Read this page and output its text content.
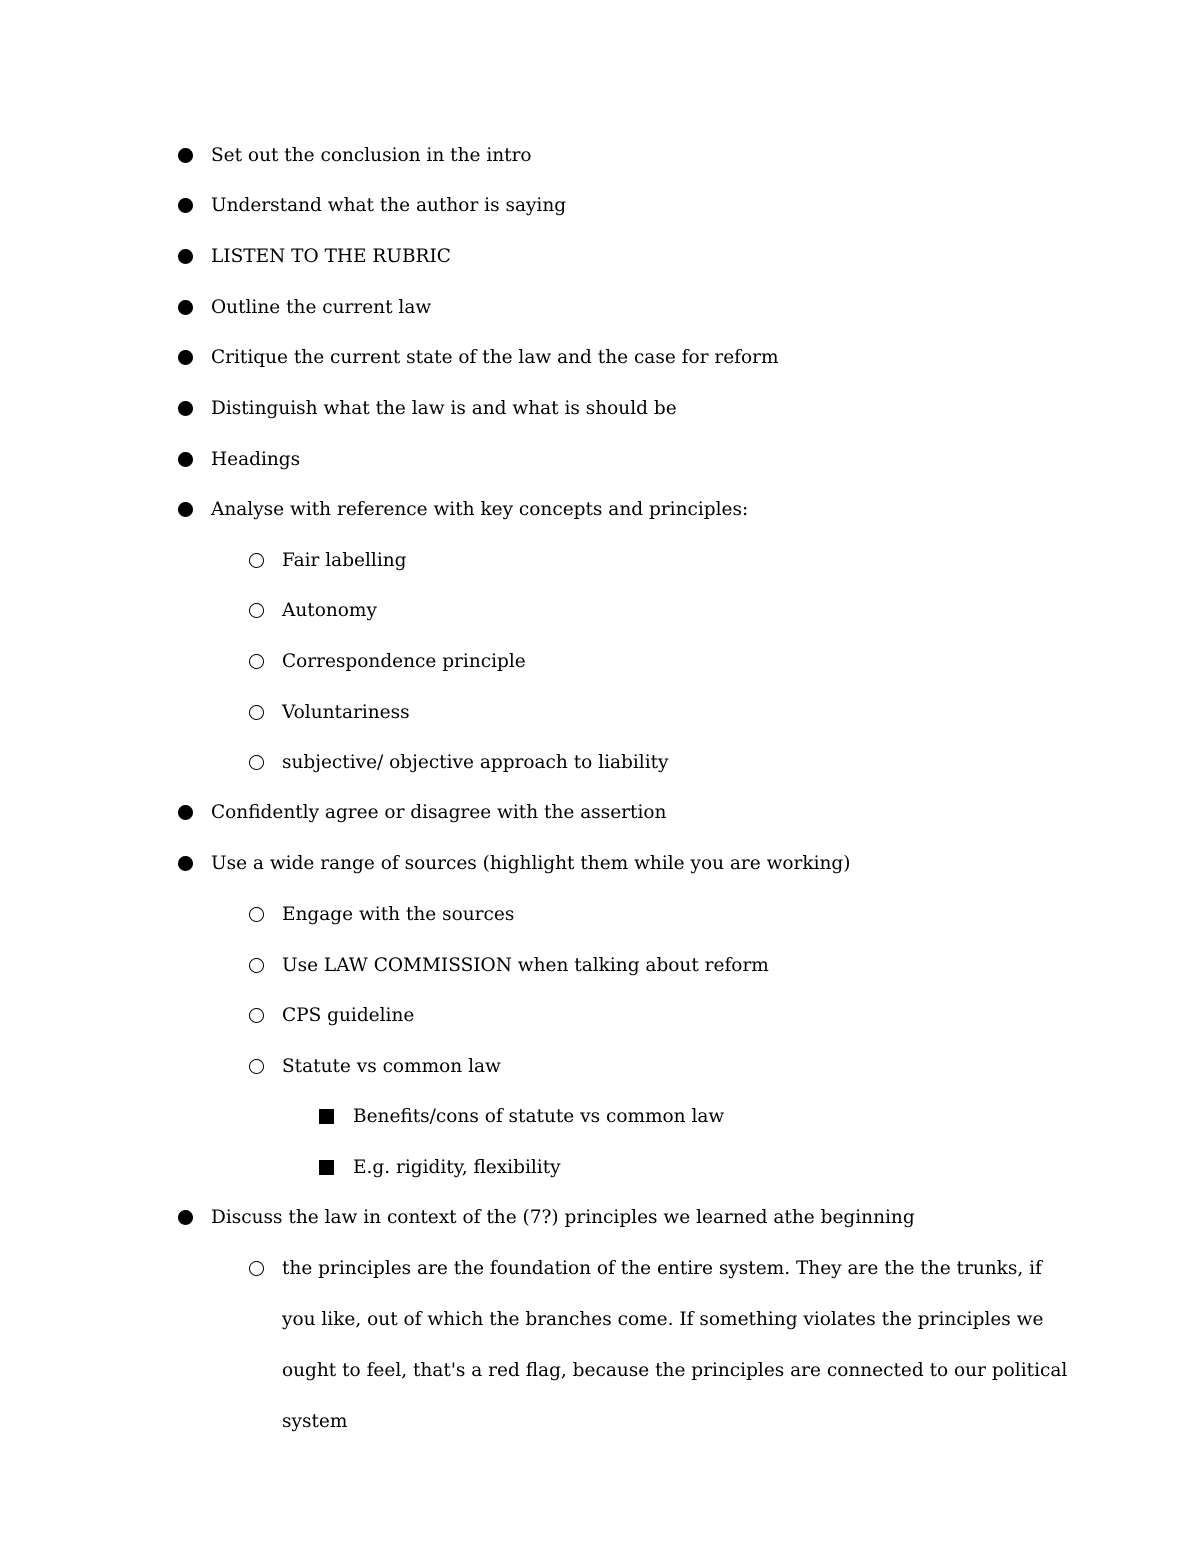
Set out the conclusion in the intro
Understand what the author is saying
LISTEN TO THE RUBRIC
Outline the current law
Critique the current state of the law and the case for reform
Distinguish what the law is and what is should be
Headings
Analyse with reference with key concepts and principles:
Fair labelling
Autonomy
Correspondence principle
Voluntariness
subjective/ objective approach to liability
Confidently agree or disagree with the assertion
Use a wide range of sources (highlight them while you are working)
Engage with the sources
Use LAW COMMISSION when talking about reform
CPS guideline
Statute vs common law
Benefits/cons of statute vs common law
E.g. rigidity, flexibility
Discuss the law in context of the (7?) principles we learned athe beginning
the principles are the foundation of the entire system. They are the the trunks, if you like, out of which the branches come. If something violates the principles we ought to feel, that's a red flag, because the principles are connected to our political system
